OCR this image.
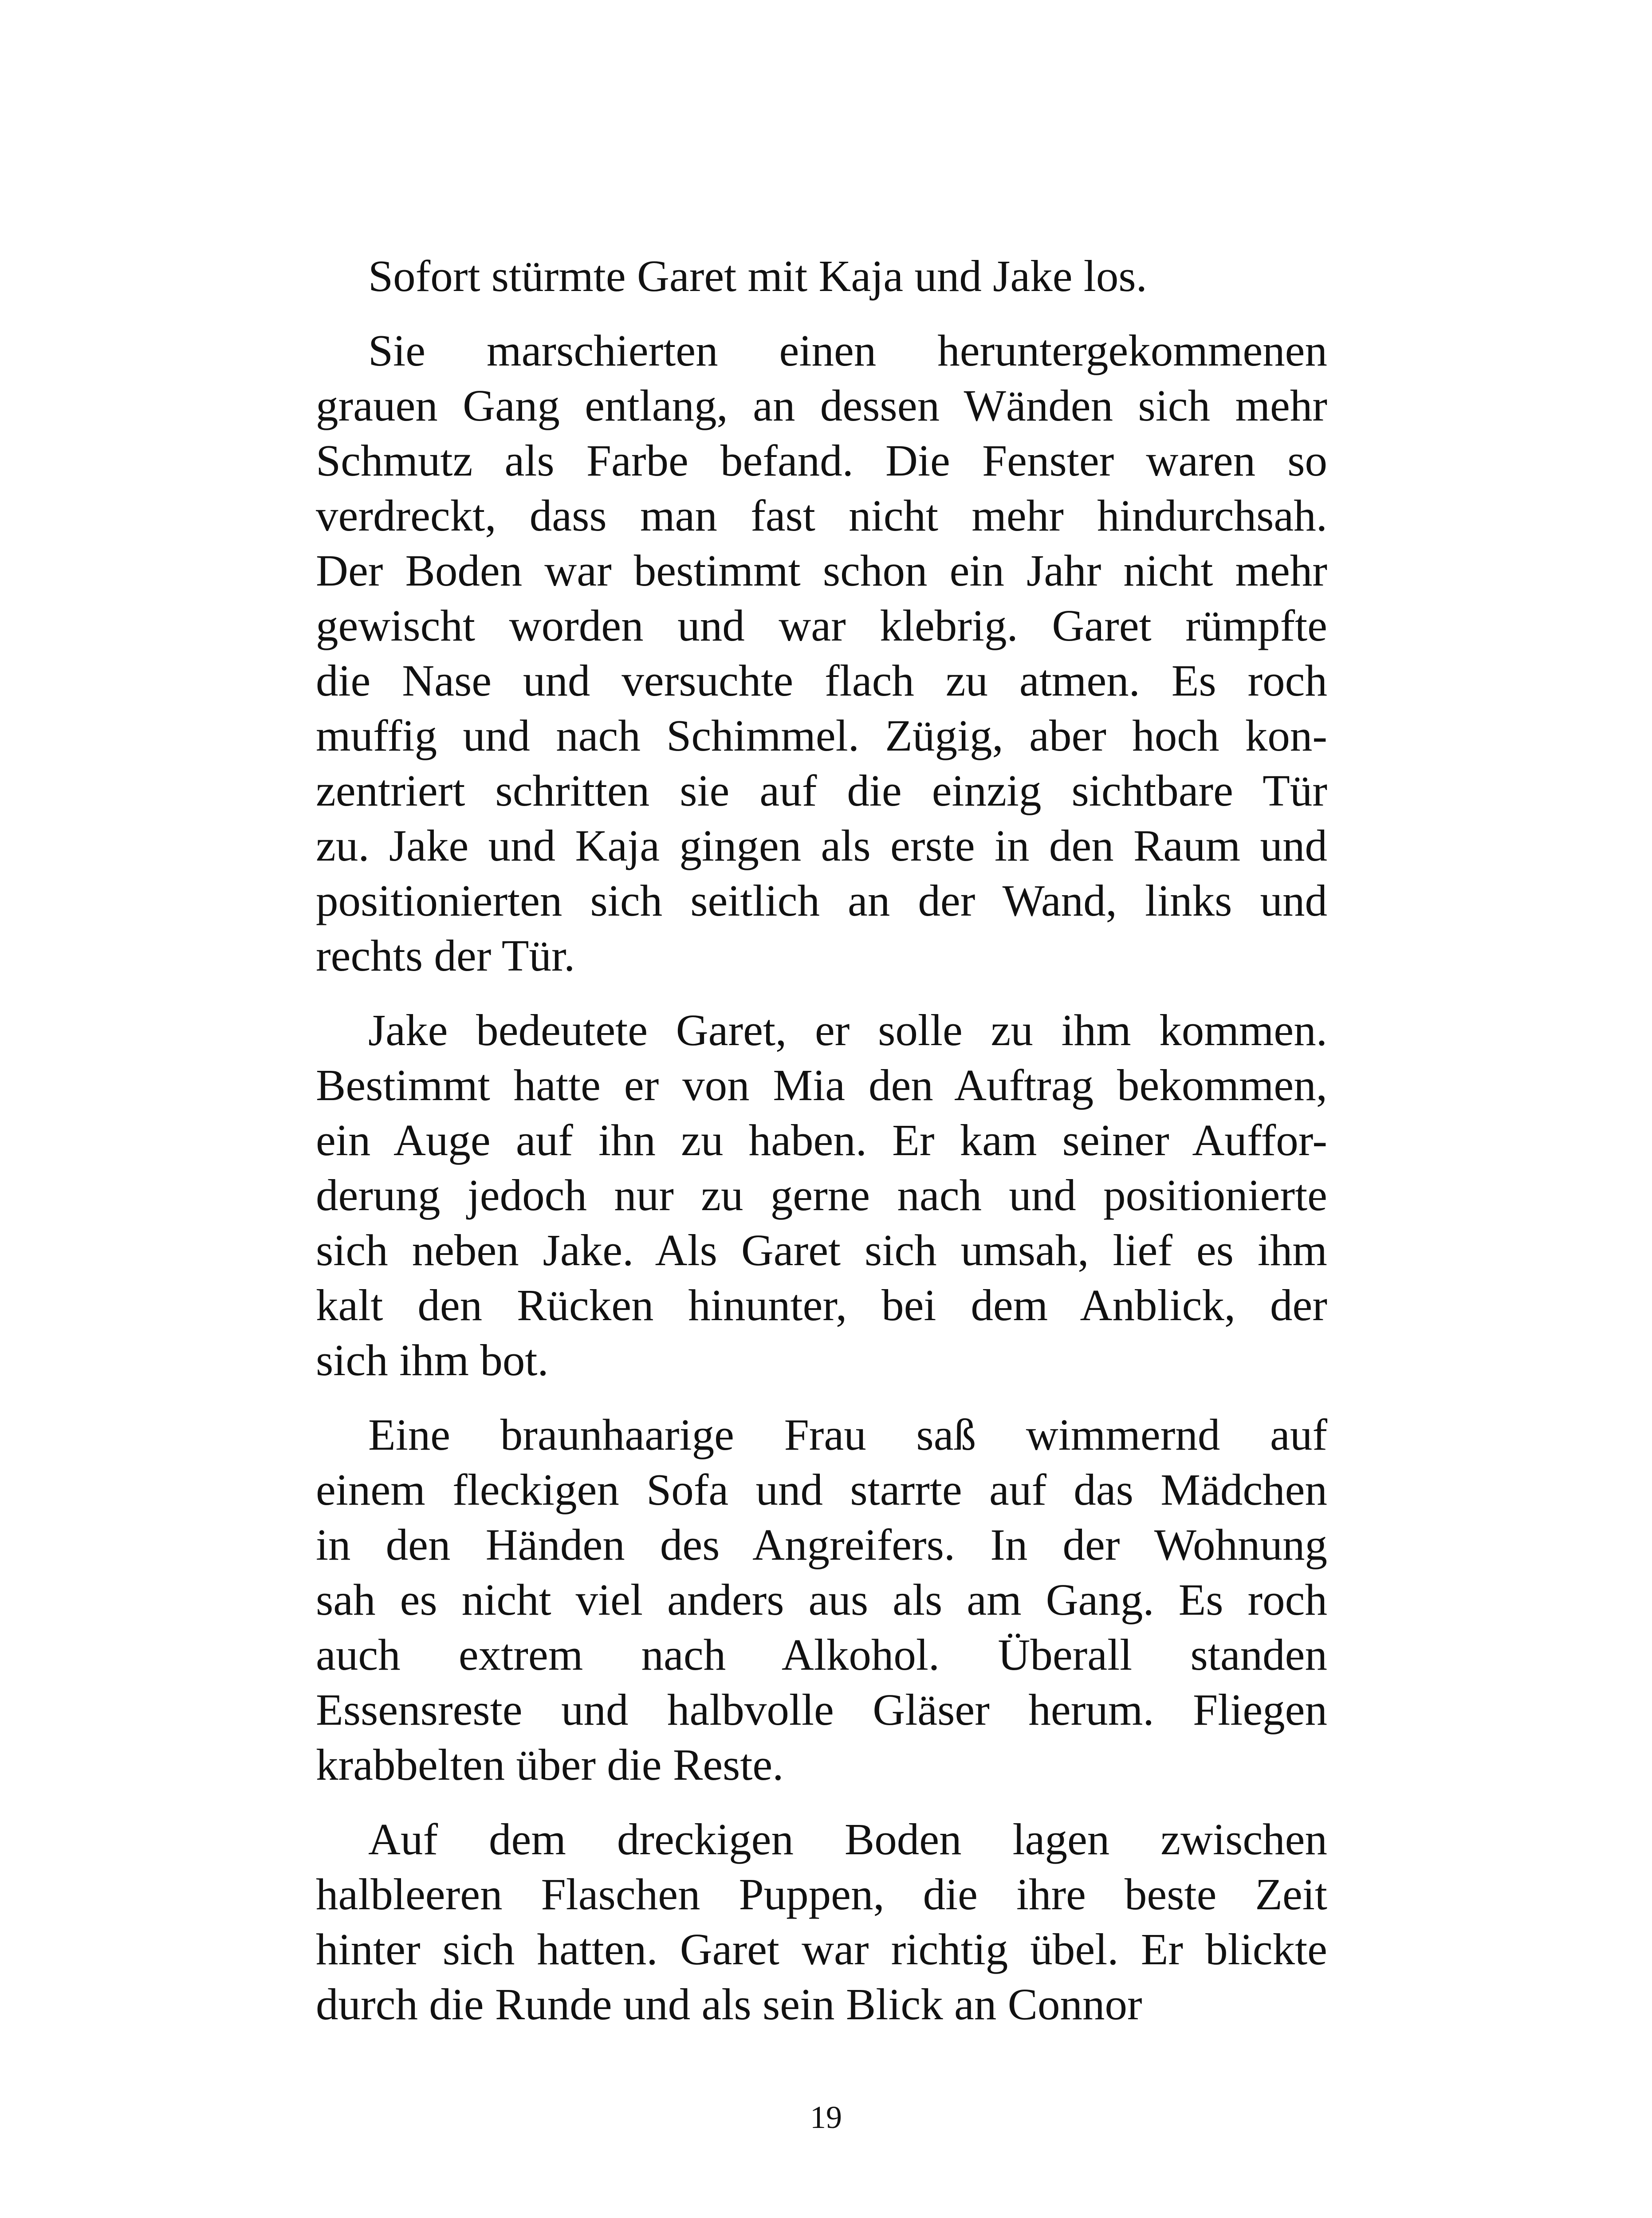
Sofort stürmte Garet mit Kaja und Jake los.

Sie marschierten einen heruntergekommenen
grauen Gang entlang, an dessen Wänden sich mehr
Schmutz als Farbe befand. Die Fenster waren so
verdreckt, dass man fast nicht mehr hindurchsah.
Der Boden war bestimmt schon ein Jahr nicht mehr
gewischt worden und war klebrig. Garet rümpfte
die Nase und versuchte flach zu atmen. Es roch
muffig und nach Schimmel. Zügig, aber hoch kon-
zentriert schritten sie auf die einzig sichtbare Tür
zu. Jake und Kaja gingen als erste in den Raum und
positionierten sich seitlich an der Wand, links und
rechts der Tür.

Jake bedeutete Garet, er solle zu ihm kommen.
Bestimmt hatte er von Mia den Auftrag bekommen,
ein Auge auf ihn zu haben. Er kam seiner Auffor-
derung jedoch nur zu gerne nach und positionierte
sich neben Jake. Als Garet sich umsah, lief es ihm
kalt den Rücken hinunter, bei dem Anblick, der
sich ihm bot.

Eine braunhaarige Frau saß wimmernd auf
einem fleckigen Sofa und starrte auf das Mädchen
in den Händen des Angreifers. In der Wohnung
sah es nicht viel anders aus als am Gang. Es roch
auch extrem nach Alkohol. Überall standen
Essensreste und halbvolle Gläser herum. Fliegen
krabbelten über die Reste.

Auf dem dreckigen Boden lagen zwischen
halbleeren Flaschen Puppen, die ihre beste Zeit
hinter sich hatten. Garet war richtig übel. Er blickte
durch die Runde und als sein Blick an Connor

19
